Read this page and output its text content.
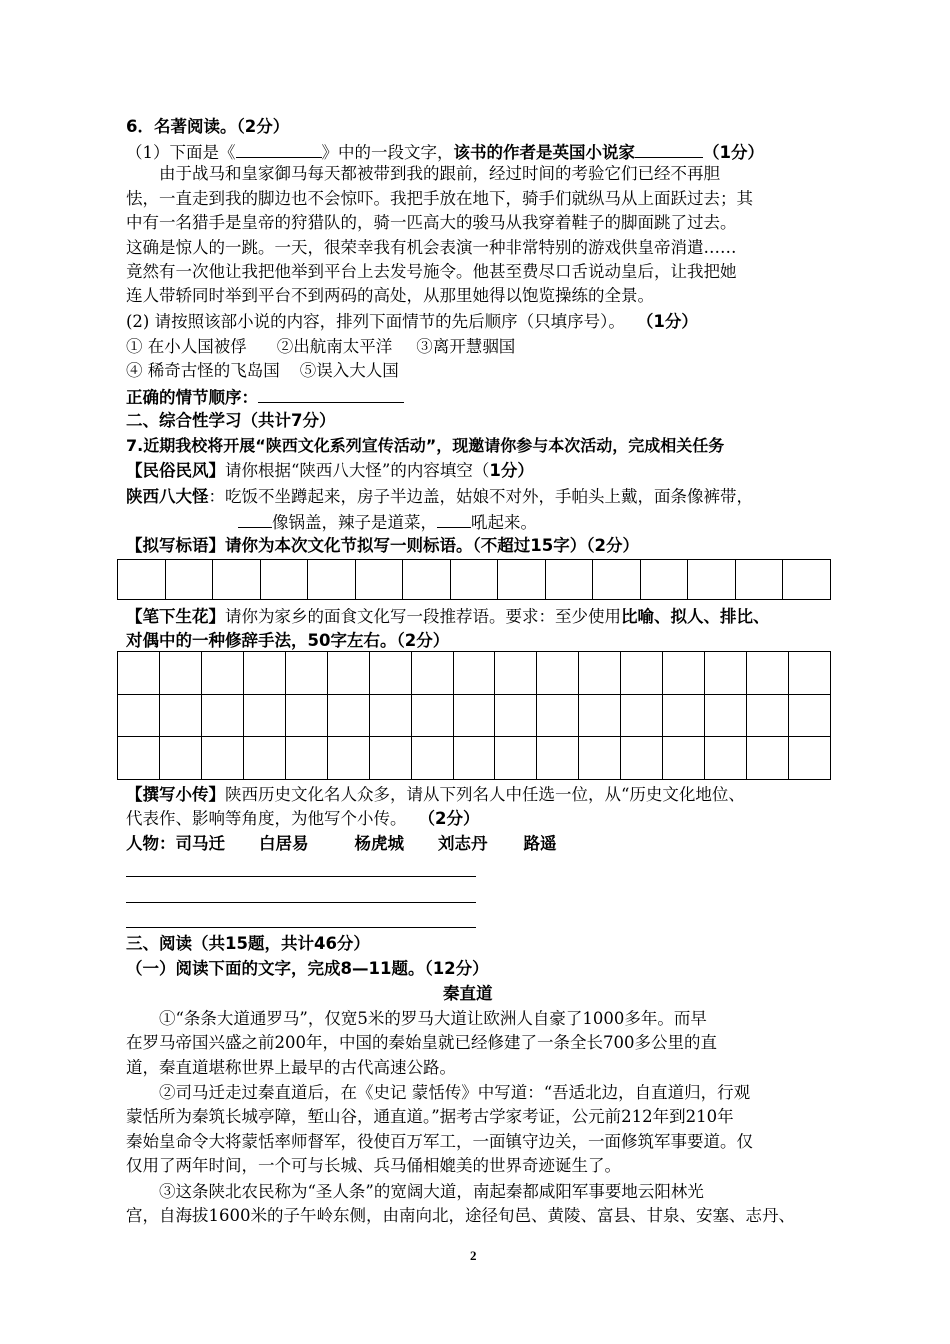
6．名著阅读。（2分）
（1）下面是《	》中的一段文字，该书的作者是英国小说家	（1分）
由于战马和皇家御马每天都被带到我的跟前，经过时间的考验它们已经不再胆
怯，一直走到我的脚边也不会惊吓。我把手放在地下，骑手们就纵马从上面跃过去；其
中有一名猎手是皇帝的狩猎队的，骑一匹高大的骏马从我穿着鞋子的脚面跳了过去。
这确是惊人的一跳。一天，很荣幸我有机会表演一种非常特别的游戏供皇帝消遣……
竟然有一次他让我把他举到平台上去发号施令。他甚至费尽口舌说动皇后，让我把她
连人带轿同时举到平台不到两码的高处，从那里她得以饱览操练的全景。
(2) 请按照该部小说的内容，排列下面情节的先后顺序（只填序号）。 （1分）
① 在小人国被俘 ②出航南太平洋 ③离开慧骃国
④ 稀奇古怪的飞岛国 ⑤误入大人国
正确的情节顺序：
二、综合性学习（共计7分）
7.近期我校将开展“陕西文化系列宣传活动”，现邀请你参与本次活动，完成相关任务
【民俗民风】请你根据“陕西八大怪”的内容填空（1分）
陕西八大怪：吃饭不坐蹲起来，房子半边盖，姑娘不对外，手帕头上戴，面条像裤带，
像锅盖，辣子是道菜， 吼起来。
【拟写标语】请你为本次文化节拟写一则标语。（不超过15字）（2分）

【笔下生花】请你为家乡的面食文化写一段推荐语。要求：至少使用比喻、拟人、排比、
对偶中的一种修辞手法，50字左右。（2分）

【撰写小传】陕西历史文化名人众多，请从下列名人中任选一位，从“历史文化地位、
代表作、影响等角度，为他写个小传。 （2分）
人物：司马迁 白居易	杨虎城 刘志丹 路遥
三、阅读（共15题，共计46分）
（一）阅读下面的文字，完成8—11题。（12分）
秦直道
①“条条大道通罗马”，仅宽5米的罗马大道让欧洲人自豪了1000多年。而早
在罗马帝国兴盛之前200年，中国的秦始皇就已经修建了一条全长700多公里的直
道，秦直道堪称世界上最早的古代高速公路。
②司马迁走过秦直道后，在《史记 蒙恬传》中写道：“吾适北边，自直道归，行观
蒙恬所为秦筑长城亭障，堑山谷，通直道。”据考古学家考证，公元前212年到210年
秦始皇命令大将蒙恬率师督军，役使百万军工，一面镇守边关，一面修筑军事要道。仅
仅用了两年时间，一个可与长城、兵马俑相媲美的世界奇迹诞生了。
③这条陕北农民称为“圣人条”的宽阔大道，南起秦都咸阳军事要地云阳林光
宫，自海拔1600米的子午岭东侧，由南向北，途径旬邑、黄陵、富县、甘泉、安塞、志丹、
2
